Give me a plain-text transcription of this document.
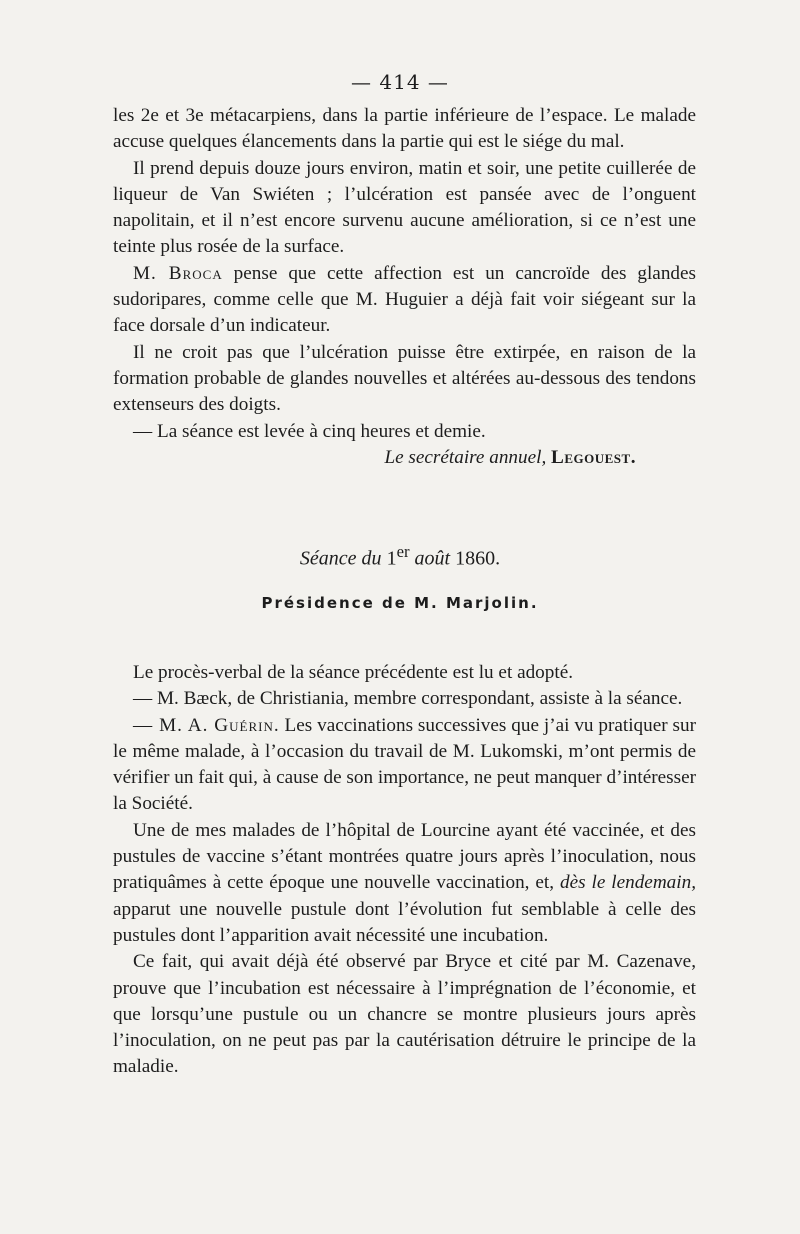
— 414 —

les 2e et 3e métacarpiens, dans la partie inférieure de l’espace. Le malade accuse quelques élancements dans la partie qui est le siége du mal.

Il prend depuis douze jours environ, matin et soir, une petite cuillerée de liqueur de Van Swiéten ; l’ulcération est pansée avec de l’onguent napolitain, et il n’est encore survenu aucune amélioration, si ce n’est une teinte plus rosée de la surface.

M. Broca pense que cette affection est un cancroïde des glandes sudoripares, comme celle que M. Huguier a déjà fait voir siégeant sur la face dorsale d’un indicateur.

Il ne croit pas que l’ulcération puisse être extirpée, en raison de la formation probable de glandes nouvelles et altérées au-dessous des tendons extenseurs des doigts.

— La séance est levée à cinq heures et demie.

Le secrétaire annuel, Legouest.

Séance du 1er août 1860.
Présidence de M. Marjolin.

Le procès-verbal de la séance précédente est lu et adopté.

— M. Bæck, de Christiania, membre correspondant, assiste à la séance.

— M. A. Guérin. Les vaccinations successives que j’ai vu pratiquer sur le même malade, à l’occasion du travail de M. Lukomski, m’ont permis de vérifier un fait qui, à cause de son importance, ne peut manquer d’intéresser la Société.

Une de mes malades de l’hôpital de Lourcine ayant été vaccinée, et des pustules de vaccine s’étant montrées quatre jours après l’inoculation, nous pratiquâmes à cette époque une nouvelle vaccination, et, dès le lendemain, apparut une nouvelle pustule dont l’évolution fut semblable à celle des pustules dont l’apparition avait nécessité une incubation.

Ce fait, qui avait déjà été observé par Bryce et cité par M. Cazenave, prouve que l’incubation est nécessaire à l’imprégnation de l’économie, et que lorsqu’une pustule ou un chancre se montre plusieurs jours après l’inoculation, on ne peut pas par la cautérisation détruire le principe de la maladie.
